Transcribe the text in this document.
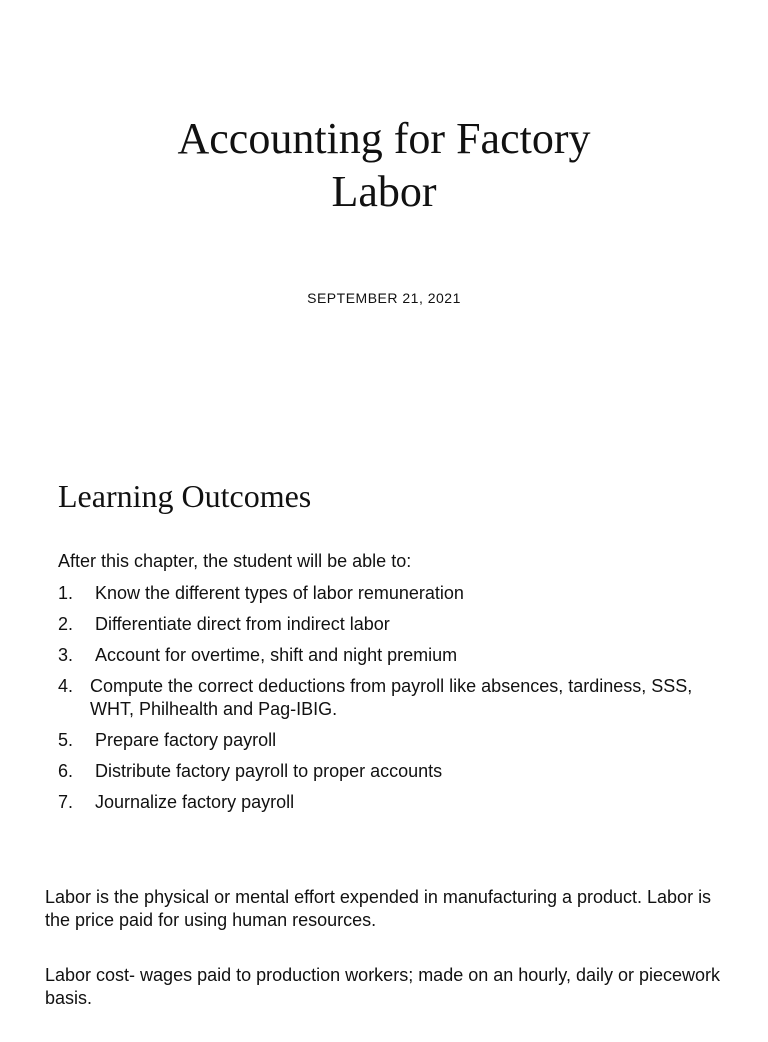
Accounting for Factory
Labor
SEPTEMBER 21, 2021
Learning Outcomes
After this chapter, the student will be able to:
1. Know the different types of labor remuneration
2. Differentiate direct from indirect labor
3. Account for overtime, shift and night premium
4. Compute the correct deductions from payroll like absences, tardiness, SSS, WHT, Philhealth and Pag-IBIG.
5. Prepare factory payroll
6. Distribute factory payroll to proper accounts
7. Journalize factory payroll

Labor is the physical or mental effort expended in manufacturing a product. Labor is the price paid for using human resources.

Labor cost- wages paid to production workers; made on an hourly, daily or piecework basis.
